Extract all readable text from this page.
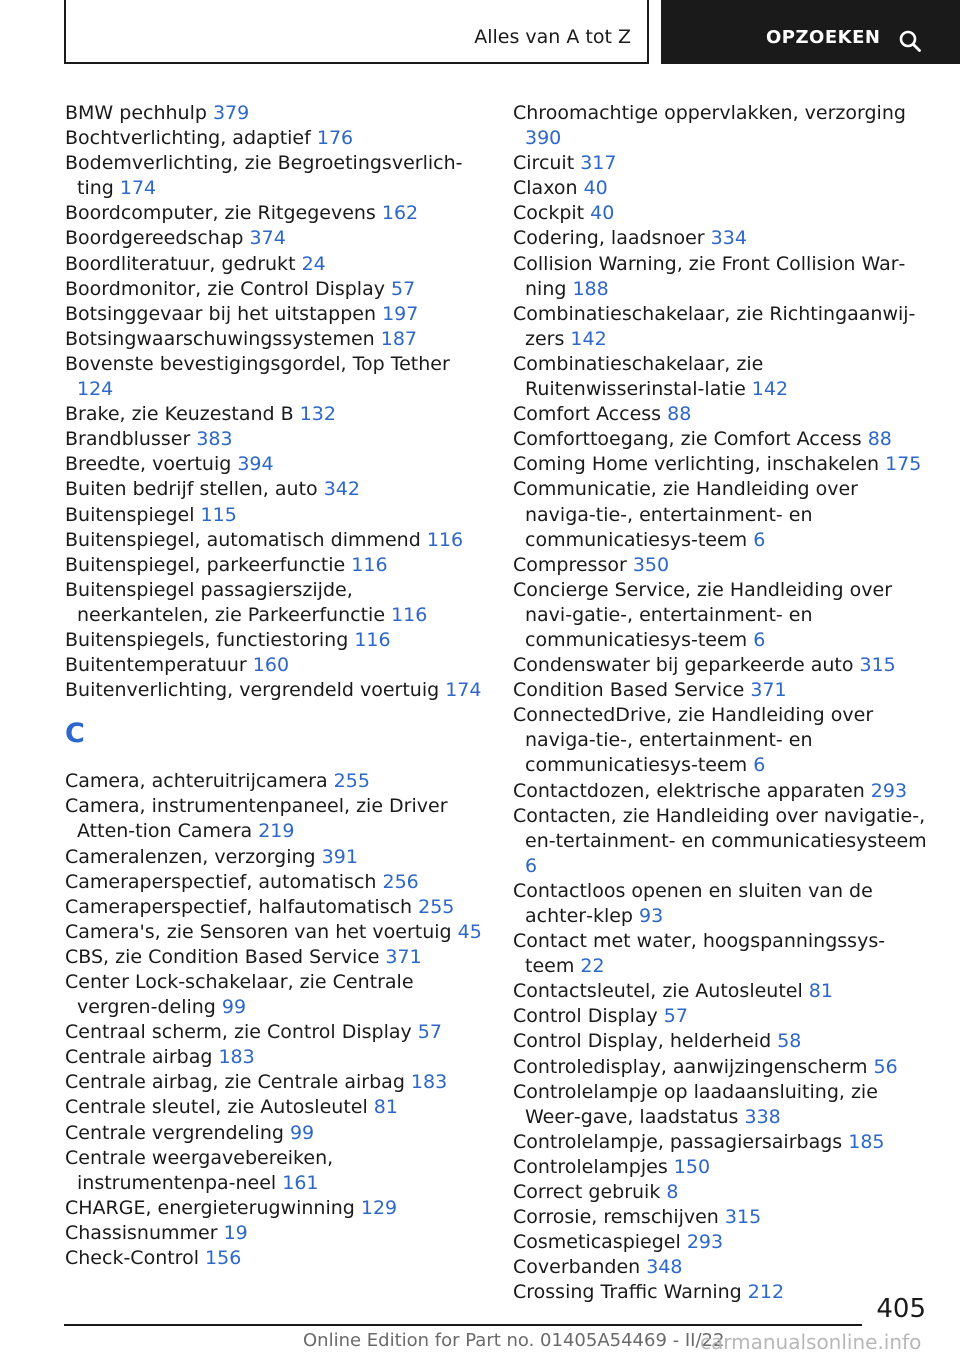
Alles van A tot Z	OPZOEKEN
BMW pechhulp 379
Bochtverlichting, adaptief 176
Bodemverlichting, zie Begroetingsverlich‐ting 174
Boordcomputer, zie Ritgegevens 162
Boordgereedschap 374
Boordliteratuur, gedrukt 24
Boordmonitor, zie Control Display 57
Botsinggevaar bij het uitstappen 197
Botsingwaarschuwingssystemen 187
Bovenste bevestigingsgordel, Top Tether 124
Brake, zie Keuzestand B 132
Brandblusser 383
Breedte, voertuig 394
Buiten bedrijf stellen, auto 342
Buitenspiegel 115
Buitenspiegel, automatisch dimmend 116
Buitenspiegel, parkeerfunctie 116
Buitenspiegel passagierszijde, neerkantelen, zie Parkeerfunctie 116
Buitenspiegels, functiestoring 116
Buitentemperatuur 160
Buitenverlichting, vergrendeld voertuig 174
C
Camera, achteruitrijcamera 255
Camera, instrumentenpaneel, zie Driver Atten‐tion Camera 219
Cameralenzen, verzorging 391
Cameraperspectief, automatisch 256
Cameraperspectief, halfautomatisch 255
Camera's, zie Sensoren van het voertuig 45
CBS, zie Condition Based Service 371
Center Lock-schakelaar, zie Centrale vergren‐deling 99
Centraal scherm, zie Control Display 57
Centrale airbag 183
Centrale airbag, zie Centrale airbag 183
Centrale sleutel, zie Autosleutel 81
Centrale vergrendeling 99
Centrale weergavebereiken, instrumentenpa‐neel 161
CHARGE, energieterugwinning 129
Chassisnummer 19
Check-Control 156
Chroomachtige oppervlakken, verzorging 390
Circuit 317
Claxon 40
Cockpit 40
Codering, laadsnoer 334
Collision Warning, zie Front Collision War‐ning 188
Combinatieschakelaar, zie Richtingaanwij‐zers 142
Combinatieschakelaar, zie Ruitenwisserinstal‐latie 142
Comfort Access 88
Comforttoegang, zie Comfort Access 88
Coming Home verlichting, inschakelen 175
Communicatie, zie Handleiding over naviga‐tie-, entertainment- en communicatiesys‐teem 6
Compressor 350
Concierge Service, zie Handleiding over navi‐gatie-, entertainment- en communicatiesys‐teem 6
Condenswater bij geparkeerde auto 315
Condition Based Service 371
ConnectedDrive, zie Handleiding over naviga‐tie-, entertainment- en communicatiesys‐teem 6
Contactdozen, elektrische apparaten 293
Contacten, zie Handleiding over navigatie-, en‐tertainment- en communicatiesysteem 6
Contactloos openen en sluiten van de achter‐klep 93
Contact met water, hoogspanningssys‐teem 22
Contactsleutel, zie Autosleutel 81
Control Display 57
Control Display, helderheid 58
Controledisplay, aanwijzingenscherm 56
Controlelampje op laadaansluiting, zie Weer‐gave, laadstatus 338
Controlelampje, passagiersairbags 185
Controlelampjes 150
Correct gebruik 8
Corrosie, remschijven 315
Cosmeticaspiegel 293
Coverbanden 348
Crossing Traffic Warning 212
405
Online Edition for Part no. 01405A54469 - II/22
carmanualsonline.info
